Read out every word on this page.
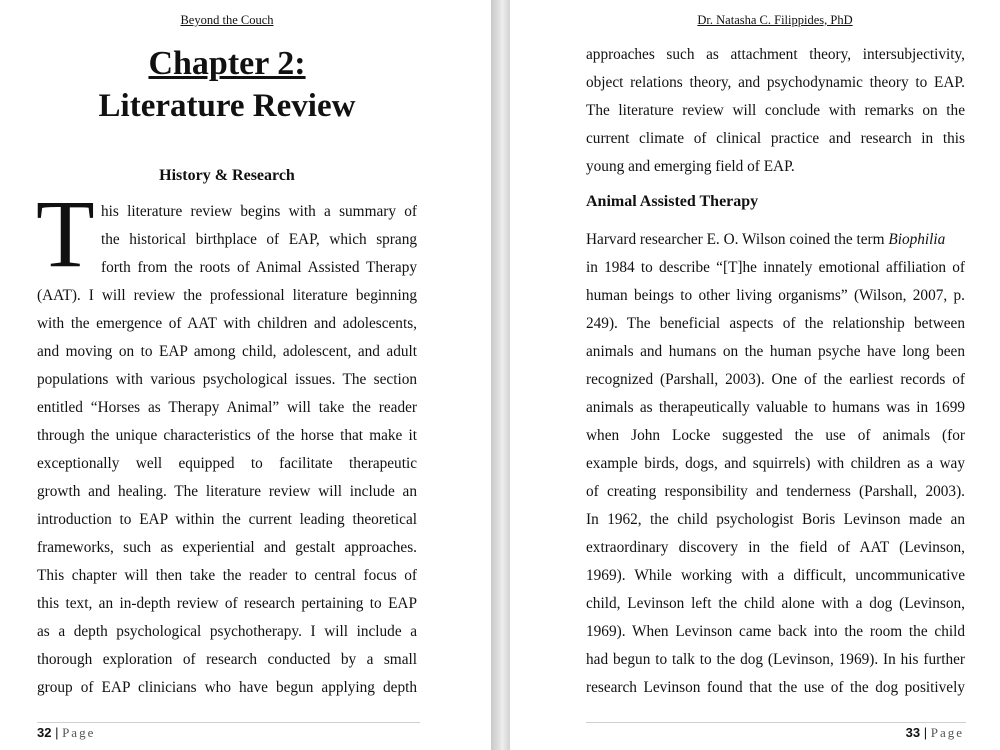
Beyond the Couch
Chapter 2:
Literature Review
History & Research
T his literature review begins with a summary of
the historical birthplace of EAP, which sprang
forth from the roots of Animal Assisted Therapy
(AAT). I will review the professional literature beginning
with the emergence of AAT with children and adolescents,
and moving on to EAP among child, adolescent, and adult
populations with various psychological issues. The section
entitled “Horses as Therapy Animal” will take the reader
through the unique characteristics of the horse that make it
exceptionally well equipped to facilitate therapeutic
growth and healing. The literature review will include an
introduction to EAP within the current leading theoretical
frameworks, such as experiential and gestalt approaches.
This chapter will then take the reader to central focus of
this text, an in-depth review of research pertaining to EAP
as a depth psychological psychotherapy. I will include a
thorough exploration of research conducted by a small
group of EAP clinicians who have begun applying depth
32 | Page
Dr. Natasha C. Filippides, PhD
approaches such as attachment theory, intersubjectivity,
object relations theory, and psychodynamic theory to EAP.
The literature review will conclude with remarks on the
current climate of clinical practice and research in this
young and emerging field of EAP.
Animal Assisted Therapy
Harvard researcher E. O. Wilson coined the term Biophilia
in 1984 to describe “[T]he innately emotional affiliation of
human beings to other living organisms” (Wilson, 2007, p.
249). The beneficial aspects of the relationship between
animals and humans on the human psyche have long been
recognized (Parshall, 2003). One of the earliest records of
animals as therapeutically valuable to humans was in 1699
when John Locke suggested the use of animals (for
example birds, dogs, and squirrels) with children as a way
of creating responsibility and tenderness (Parshall, 2003).
In 1962, the child psychologist Boris Levinson made an
extraordinary discovery in the field of AAT (Levinson,
1969). While working with a difficult, uncommunicative
child, Levinson left the child alone with a dog (Levinson,
1969). When Levinson came back into the room the child
had begun to talk to the dog (Levinson, 1969). In his further
research Levinson found that the use of the dog positively
33 | Page
